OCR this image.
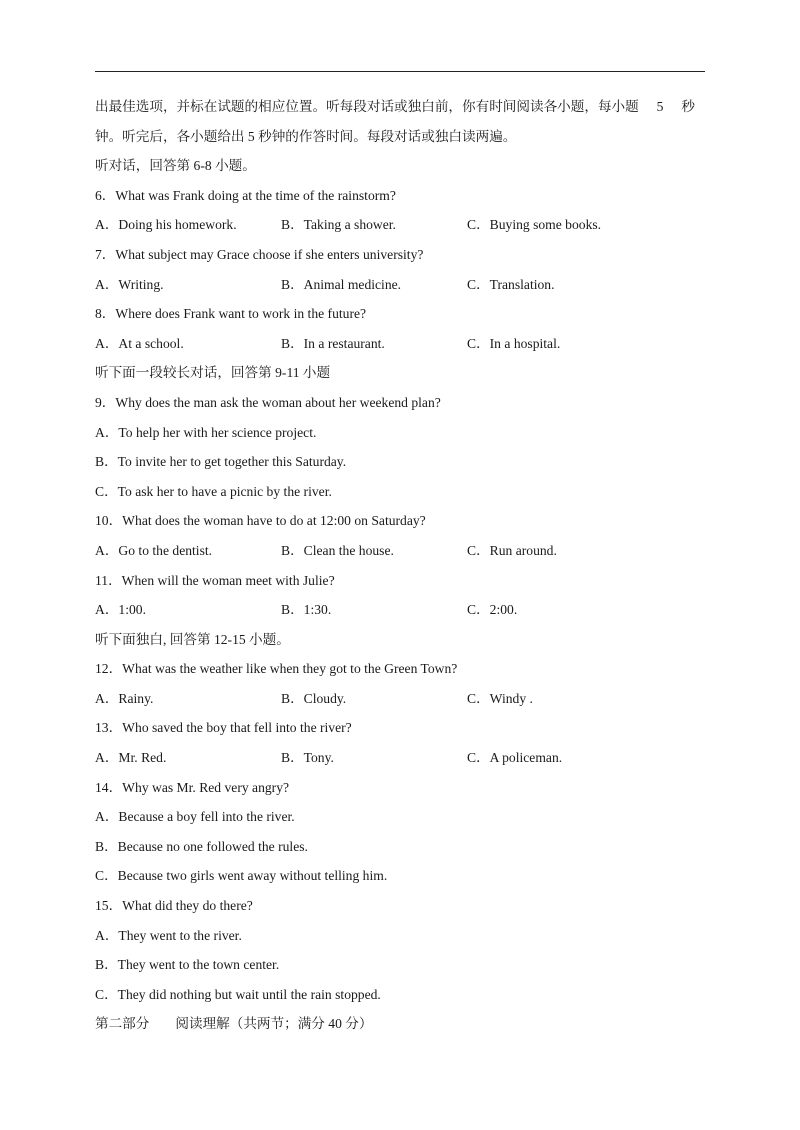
出最佳选项，并标在试题的相应位置。听每段对话或独白前，你有时间阅读各小题，每小题 5 秒
钟。听完后，各小题给出 5 秒钟的作答时间。每段对话或独白读两遍。
听对话，回答第 6-8 小题。
6．What was Frank doing at the time of the rainstorm?
A．Doing his homework.	B．Taking a shower.	C．Buying some books.
7．What subject may Grace choose if she enters university?
A．Writing.	B．Animal medicine.	C．Translation.
8．Where does Frank want to work in the future?
A．At a school.	B．In a restaurant.	C．In a hospital.
听下面一段较长对话，回答第 9-11 小题
9．Why does the man ask the woman about her weekend plan?
A．To help her with her science project.
B．To invite her to get together this Saturday.
C．To ask her to have a picnic by the river.
10．What does the woman have to do at 12:00 on Saturday?
A．Go to the dentist.	B．Clean the house.	C．Run around.
11．When will the woman meet with Julie?
A．1:00.	B．1:30.	C．2:00.
听下面独白, 回答第 12-15 小题。
12．What was the weather like when they got to the Green Town?
A．Rainy.	B．Cloudy.	C．Windy .
13．Who saved the boy that fell into the river?
A．Mr. Red.	B．Tony.	C．A policeman.
14．Why was Mr. Red very angry?
A．Because a boy fell into the river.
B．Because no one followed the rules.
C．Because two girls went away without telling him.
15．What did they do there?
A．They went to the river.
B．They went to the town center.
C．They did nothing but wait until the rain stopped.
第二部分 阅读理解（共两节；满分 40 分）
